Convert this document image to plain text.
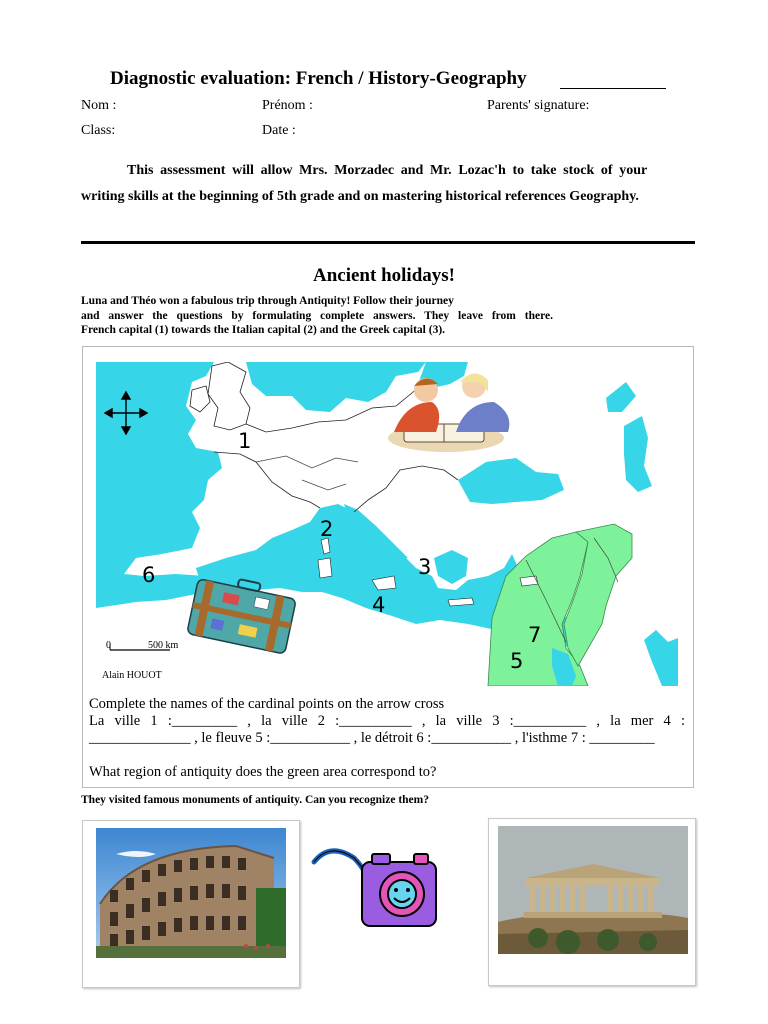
Diagnostic evaluation: French / History-Geography
Nom :	Prénom :	Parents' signature:
Class:	Date :
This assessment will allow Mrs. Morzadec and Mr. Lozac'h to take stock of your writing skills at the beginning of 5th grade and on mastering historical references Geography.
Ancient holidays!
Luna and Théo won a fabulous trip through Antiquity! Follow their journey
and answer the questions by formulating complete answers. They leave from there.
French capital (1) towards the Italian capital (2) and the Greek capital (3).
0	500 km
Alain HOUOT
1
2
3
4
5
6
7

Complete the names of the cardinal points on the arrow cross

La ville 1 :_________ , la ville 2 :__________ , la ville 3 :__________ , la mer 4 :

______________ , le fleuve 5 :___________ , le détroit 6 :___________ , l'isthme 7 : _________

What region of antiquity does the green area correspond to?

They visited famous monuments of antiquity. Can you recognize them?
